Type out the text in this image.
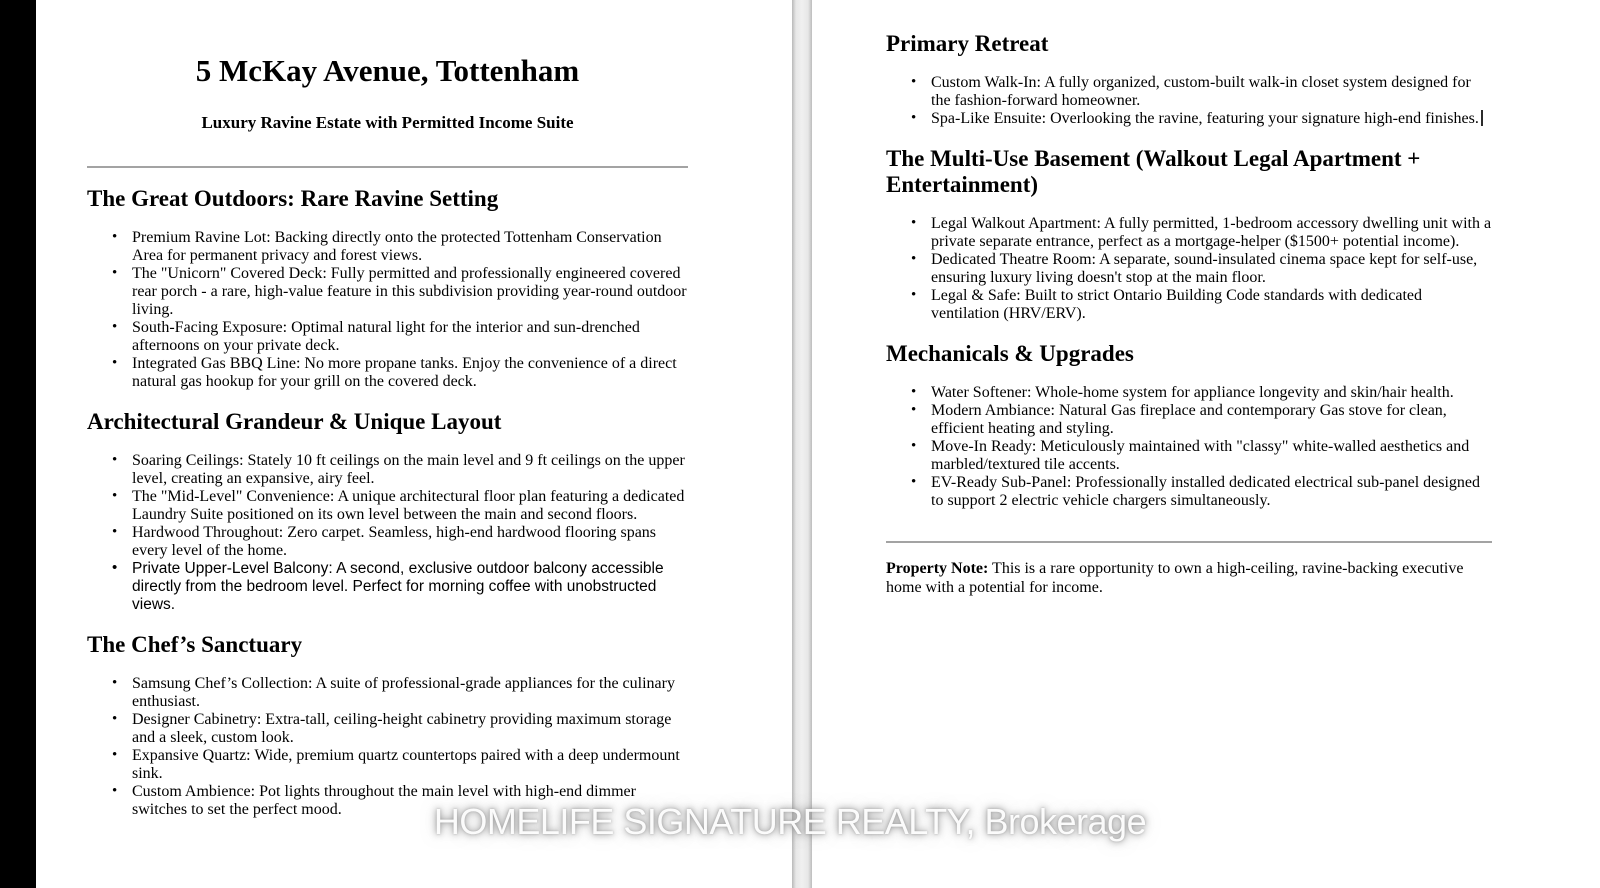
5 McKay Avenue, Tottenham
Luxury Ravine Estate with Permitted Income Suite
The Great Outdoors: Rare Ravine Setting
• Premium Ravine Lot: Backing directly onto the protected Tottenham Conservation Area for permanent privacy and forest views.
• The "Unicorn" Covered Deck: Fully permitted and professionally engineered covered rear porch - a rare, high-value feature in this subdivision providing year-round outdoor living.
• South-Facing Exposure: Optimal natural light for the interior and sun-drenched afternoons on your private deck.
• Integrated Gas BBQ Line: No more propane tanks. Enjoy the convenience of a direct natural gas hookup for your grill on the covered deck.
Architectural Grandeur & Unique Layout
• Soaring Ceilings: Stately 10 ft ceilings on the main level and 9 ft ceilings on the upper level, creating an expansive, airy feel.
• The "Mid-Level" Convenience: A unique architectural floor plan featuring a dedicated Laundry Suite positioned on its own level between the main and second floors.
• Hardwood Throughout: Zero carpet. Seamless, high-end hardwood flooring spans every level of the home.
• Private Upper-Level Balcony: A second, exclusive outdoor balcony accessible directly from the bedroom level. Perfect for morning coffee with unobstructed views.
The Chef’s Sanctuary
• Samsung Chef’s Collection: A suite of professional-grade appliances for the culinary enthusiast.
• Designer Cabinetry: Extra-tall, ceiling-height cabinetry providing maximum storage and a sleek, custom look.
• Expansive Quartz: Wide, premium quartz countertops paired with a deep undermount sink.
• Custom Ambience: Pot lights throughout the main level with high-end dimmer switches to set the perfect mood.
Primary Retreat
• Custom Walk-In: A fully organized, custom-built walk-in closet system designed for the fashion-forward homeowner.
• Spa-Like Ensuite: Overlooking the ravine, featuring your signature high-end finishes.
The Multi-Use Basement (Walkout Legal Apartment + Entertainment)
• Legal Walkout Apartment: A fully permitted, 1-bedroom accessory dwelling unit with a private separate entrance, perfect as a mortgage-helper ($1500+ potential income).
• Dedicated Theatre Room: A separate, sound-insulated cinema space kept for self-use, ensuring luxury living doesn't stop at the main floor.
• Legal & Safe: Built to strict Ontario Building Code standards with dedicated ventilation (HRV/ERV).
Mechanicals & Upgrades
• Water Softener: Whole-home system for appliance longevity and skin/hair health.
• Modern Ambiance: Natural Gas fireplace and contemporary Gas stove for clean, efficient heating and styling.
• Move-In Ready: Meticulously maintained with "classy" white-walled aesthetics and marbled/textured tile accents.
• EV-Ready Sub-Panel: Professionally installed dedicated electrical sub-panel designed to support 2 electric vehicle chargers simultaneously.

Property Note: This is a rare opportunity to own a high-ceiling, ravine-backing executive home with a potential for income.

HOMELIFE SIGNATURE REALTY, Brokerage
